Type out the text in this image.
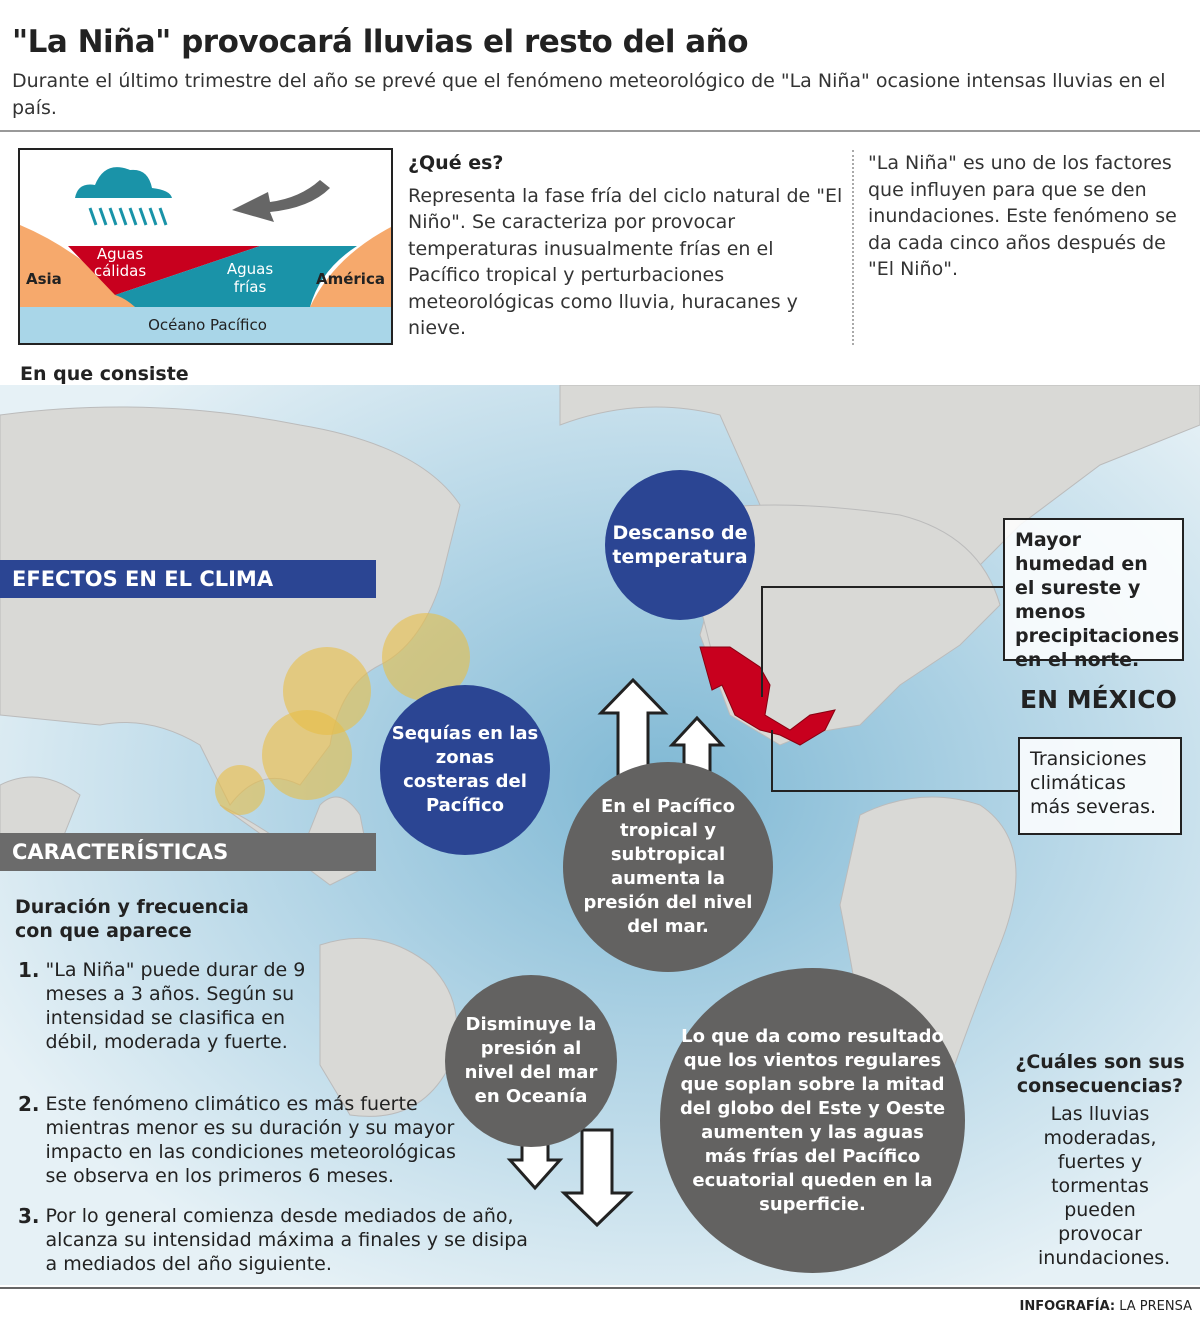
"La Niña" provocará lluvias el resto del año
Durante el último trimestre del año se prevé que el fenómeno meteorológico de "La Niña" ocasione intensas lluvias en el país.
Asia
Aguas cálidas	Aguas frías	América
Océano Pacífico
¿Qué es?

Representa la fase fría del ciclo natural de "El Niño". Se caracteriza por provocar temperaturas inusualmente frías en el Pacífico tropical y perturbaciones meteorológicas como lluvia, huracanes y nieve.

"La Niña" es uno de los factores que influyen para que se den inundaciones. Este fenómeno se da cada cinco años después de "El Niño".
En que consiste
EFECTOS EN EL CLIMA
Descanso de temperatura
Sequías en las zonas costeras del Pacífico	En el Pacífico tropical y subtropical aumenta la presión del nivel del mar.
Disminuye la presión al nivel del mar en Oceanía
Lo que da como resultado que los vientos regulares que soplan sobre la mitad del globo del Este y Oeste aumenten y las aguas más frías del Pacífico ecuatorial queden en la superficie.
Mayor humedad en el sureste y menos precipitaciones en el norte.
EN MÉXICO
Transiciones climáticas más severas.
CARACTERÍSTICAS
Duración y frecuencia con que aparece
1. "La Niña" puede durar de 9 meses a 3 años. Según su intensidad se clasifica en débil, moderada y fuerte.
2. Este fenómeno climático es más fuerte mientras menor es su duración y su mayor impacto en las condiciones meteorológicas se observa en los primeros 6 meses.
3. Por lo general comienza desde mediados de año, alcanza su intensidad máxima a finales y se disipa a mediados del año siguiente.
¿Cuáles son sus consecuencias?

Las lluvias moderadas, fuertes y tormentas pueden provocar inundaciones.

INFOGRAFÍA: LA PRENSA
